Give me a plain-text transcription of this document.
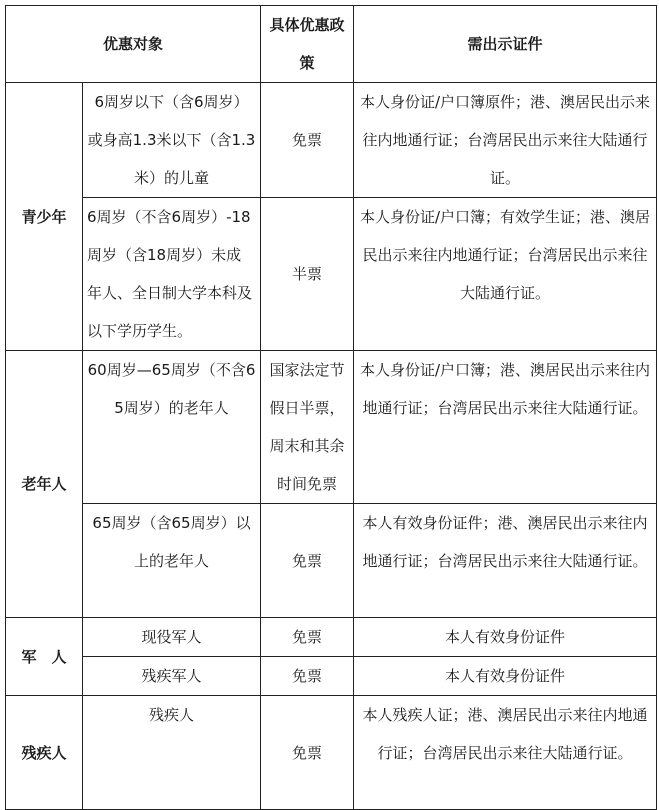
优惠对象		具体优惠政策	需出示证件
青少年	6周岁以下（含6周岁）或身高1.3米以下（含1.3米）的儿童	免票	本人身份证/户口簿原件；港、澳居民出示来往内地通行证；台湾居民出示来往大陆通行证。
	6周岁（不含6周岁）-18周岁（含18周岁）未成年人、全日制大学本科及以下学历学生。	半票	本人身份证/户口簿；有效学生证；港、澳居民出示来往内地通行证；台湾居民出示来往大陆通行证。
老年人	60周岁—65周岁（不含65周岁）的老年人	国家法定节假日半票，周末和其余时间免票	本人身份证/户口簿；港、澳居民出示来往内地通行证；台湾居民出示来往大陆通行证。
	65周岁（含65周岁）以上的老年人	免票	本人有效身份证件；港、澳居民出示来往内地通行证；台湾居民出示来往大陆通行证。
军　人	现役军人	免票	本人有效身份证件
	残疾军人	免票	本人有效身份证件
残疾人	残疾人	免票	本人残疾人证；港、澳居民出示来往内地通行证；台湾居民出示来往大陆通行证。
